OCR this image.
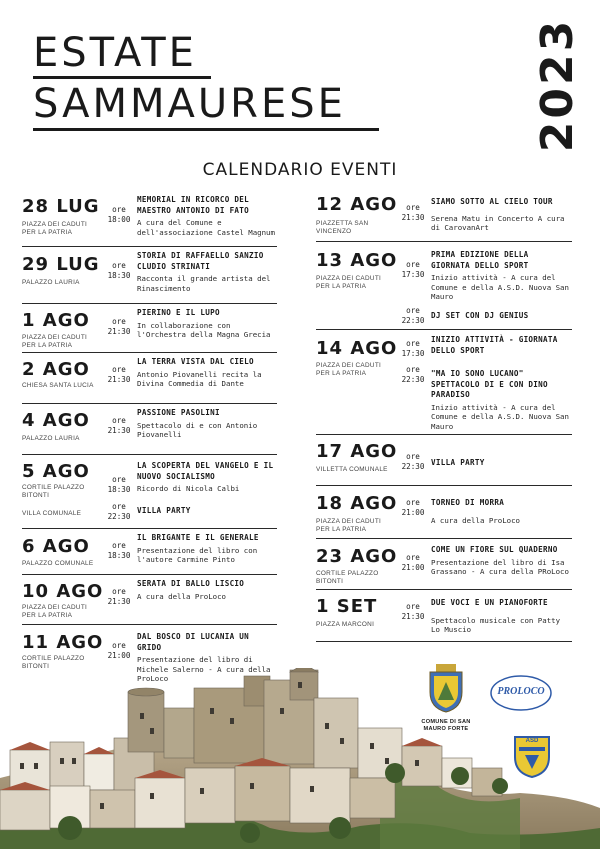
ESTATE
SAMMAURESE	2023
CALENDARIO EVENTI
28 LUG
PIAZZA DEI CADUTI PER LA PATRIA
ore
18:00
MEMORIAL IN RICORCO DEL MAESTRO ANTONIO DI FATO
A cura del Comune e dell'associazione Castel Magnum
29 LUG
PALAZZO LAURIA
ore
18:30
STORIA DI RAFFAELLO SANZIO CLUDIO STRINATI
Racconta il grande artista del Rinascimento
1 AGO
PIAZZA DEI CADUTI PER LA PATRIA
ore
21:30
PIERINO E IL LUPO
In collaborazione con l'Orchestra della Magna Grecia
2 AGO
CHIESA SANTA LUCIA
ore
21:30
LA TERRA VISTA DAL CIELO
Antonio Piovanelli recita la Divina Commedia di Dante
4 AGO
PALAZZO LAURIA
ore
21:30
PASSIONE PASOLINI
Spettacolo di e con Antonio Piovanelli
5 AGO
CORTILE PALAZZO BITONTI
ore
18:30
LA SCOPERTA DEL VANGELO E IL NUOVO SOCIALISMO
Ricordo di Nicola Calbi
VILLA COMUNALE
ore
22:30
VILLA PARTY
6 AGO
PALAZZO COMUNALE
ore
18:30
IL BRIGANTE E IL GENERALE
Presentazione del libro con l'autore Carmine Pinto
10 AGO
PIAZZA DEI CADUTI PER LA PATRIA
ore
21:30
SERATA DI BALLO LISCIO
A cura della ProLoco
11 AGO
CORTILE PALAZZO BITONTI
ore
21:00
DAL BOSCO DI LUCANIA UN GRIDO
Presentazione del libro di Michele Salerno - A cura della ProLoco
12 AGO
PIAZZETTA SAN VINCENZO
ore
21:30
SIAMO SOTTO AL CIELO TOUR
Serena Matu in Concerto A cura di CarovanArt
13 AGO
PIAZZA DEI CADUTI PER LA PATRIA
ore
17:30
PRIMA EDIZIONE DELLA GIORNATA DELLO SPORT
Inizio attività - A cura del Comune e della A.S.D. Nuova San Mauro
ore
22:30
DJ SET CON DJ GENIUS
14 AGO
PIAZZA DEI CADUTI PER LA PATRIA
ore
17:30
INIZIO ATTIVITÀ - GIORNATA DELLO SPORT
ore
22:30
"MA IO SONO LUCANO" SPETTACOLO DI E CON DINO PARADISO
Inizio attività - A cura del Comune e della A.S.D. Nuova San Mauro
17 AGO
VILLETTA COMUNALE
ore
22:30 VILLA PARTY
18 AGO
PIAZZA DEI CADUTI PER LA PATRIA
ore
21:00
TORNEO DI MORRA
A cura della ProLoco
23 AGO
CORTILE PALAZZO BITONTI
ore
21:00
COME UN FIORE SUL QUADERNO
Presentazione del libro di Isa Grassano - A cura della PRoLoco
1 SET
PIAZZA MARCONI
ore
21:30
DUE VOCI E UN PIANOFORTE
Spettacolo musicale con Patty Lo Muscio
COMUNE DI SAN MAURO FORTE
PROLOCO
ASD
